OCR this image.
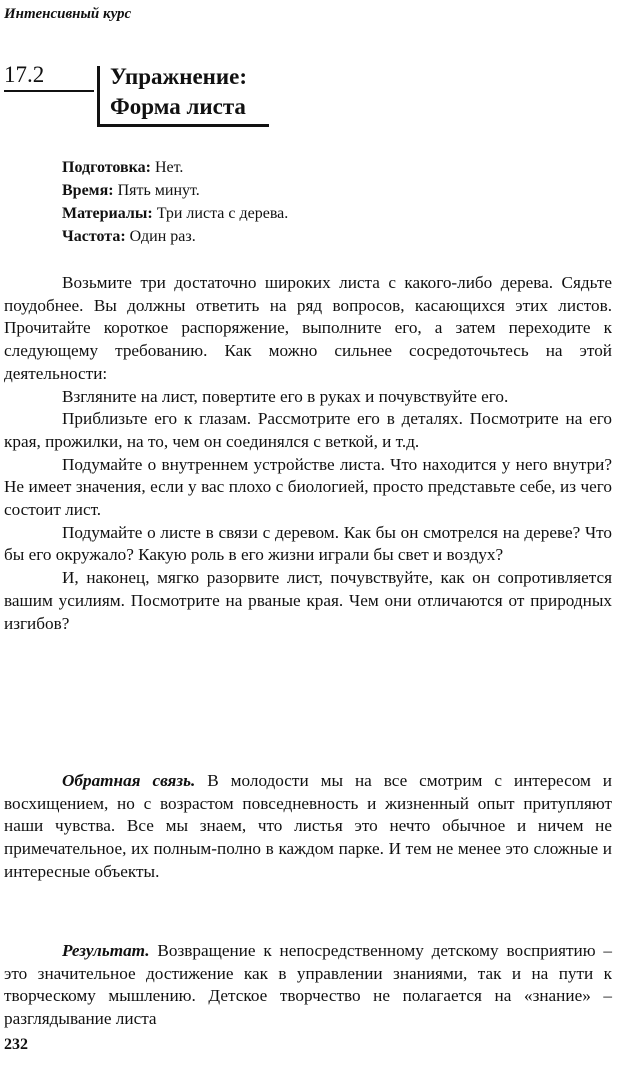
Интенсивный курс
17.2	Упражнение:
Форма листа
Подготовка: Нет.
Время: Пять минут.
Материалы: Три листа с дерева.
Частота: Один раз.

Возьмите три достаточно широких листа с какого-либо дерева. Сядьте поудобнее. Вы должны ответить на ряд вопросов, касающихся этих листов. Прочитайте короткое распоряжение, выполните его, а затем переходите к следующему требованию. Как можно сильнее сосредоточьтесь на этой деятельности:

Взгляните на лист, повертите его в руках и почувствуйте его.

Приблизьте его к глазам. Рассмотрите его в деталях. Посмотрите на его края, прожилки, на то, чем он соединялся с веткой, и т.д.

Подумайте о внутреннем устройстве листа. Что находится у него внутри? Не имеет значения, если у вас плохо с биологией, просто представьте себе, из чего состоит лист.

Подумайте о листе в связи с деревом. Как бы он смотрелся на дереве? Что бы его окружало? Какую роль в его жизни играли бы свет и воздух?

И, наконец, мягко разорвите лист, почувствуйте, как он сопротивляется вашим усилиям. Посмотрите на рваные края. Чем они отличаются от природных изгибов?

Обратная связь. В молодости мы на все смотрим с интересом и восхищением, но с возрастом повседневность и жизненный опыт притупляют наши чувства. Все мы знаем, что листья это нечто обычное и ничем не примечательное, их полным-полно в каждом парке. И тем не менее это сложные и интересные объекты.

Результат. Возвращение к непосредственному детскому восприятию – это значительное достижение как в управлении знаниями, так и на пути к творческому мышлению. Детское творчество не полагается на «знание» – разглядывание листа

232
